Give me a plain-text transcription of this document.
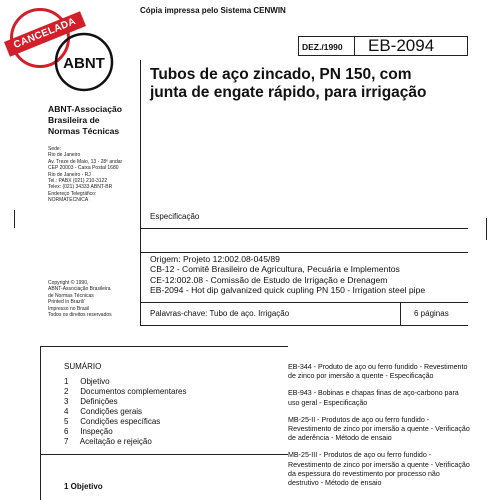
Cópia impressa pelo Sistema CENWIN
CANCELADA
ABNT
ABNT-Associação
Brasileira de
Normas Técnicas
Sede:
Rio de Janeiro
Av. Treze de Maio, 13 - 28º andar
CEP 20003 - Caixa Postal 1680
Rio de Janeiro - RJ
Tel.: PABX (021) 210-3122
Telex: (021) 34333 ABNT-BR
Endereço Telegráfico:
NORMATÉCNICA
Copyright © 1990,
ABNT-Associação Brasileira
de Normas Técnicas
Printed in Brazil/
Impresso no Brasil
Todos os direitos reservados
DEZ./1990 EB-2094
Tubos de aço zincado, PN 150, com
junta de engate rápido, para irrigação
Especificação
Origem: Projeto 12:002.08-045/89
CB-12 - Comitê Brasileiro de Agricultura, Pecuária e Implementos
CE-12:002.08 - Comissão de Estudo de Irrigação e Drenagem
EB-2094 - Hot dip galvanized quick cupling PN 150 - Irrigation steel pipe
Palavras-chave: Tubo de aço. Irrigação	6 páginas
SUMÁRIO
1 Objetivo
2 Documentos complementares
3 Definições
4 Condições gerais
5 Condições específicas
6 Inspeção
7 Aceitação e rejeição
1 Objetivo
EB-344 - Produto de aço ou ferro fundido - Revestimento
de zinco por imersão a quente - Especificação
EB-943 - Bobinas e chapas finas de aço-carbono para
uso geral - Especificação
MB-25-II - Produtos de aço ou ferro fundido -
Revestimento de zinco por imersão a quente - Verificação
de aderência - Método de ensaio
MB-25-III - Produtos de aço ou ferro fundido -
Revestimento de zinco por imersão a quente - Verificação
da espessura do revestimento por processo não
destrutivo - Método de ensaio
